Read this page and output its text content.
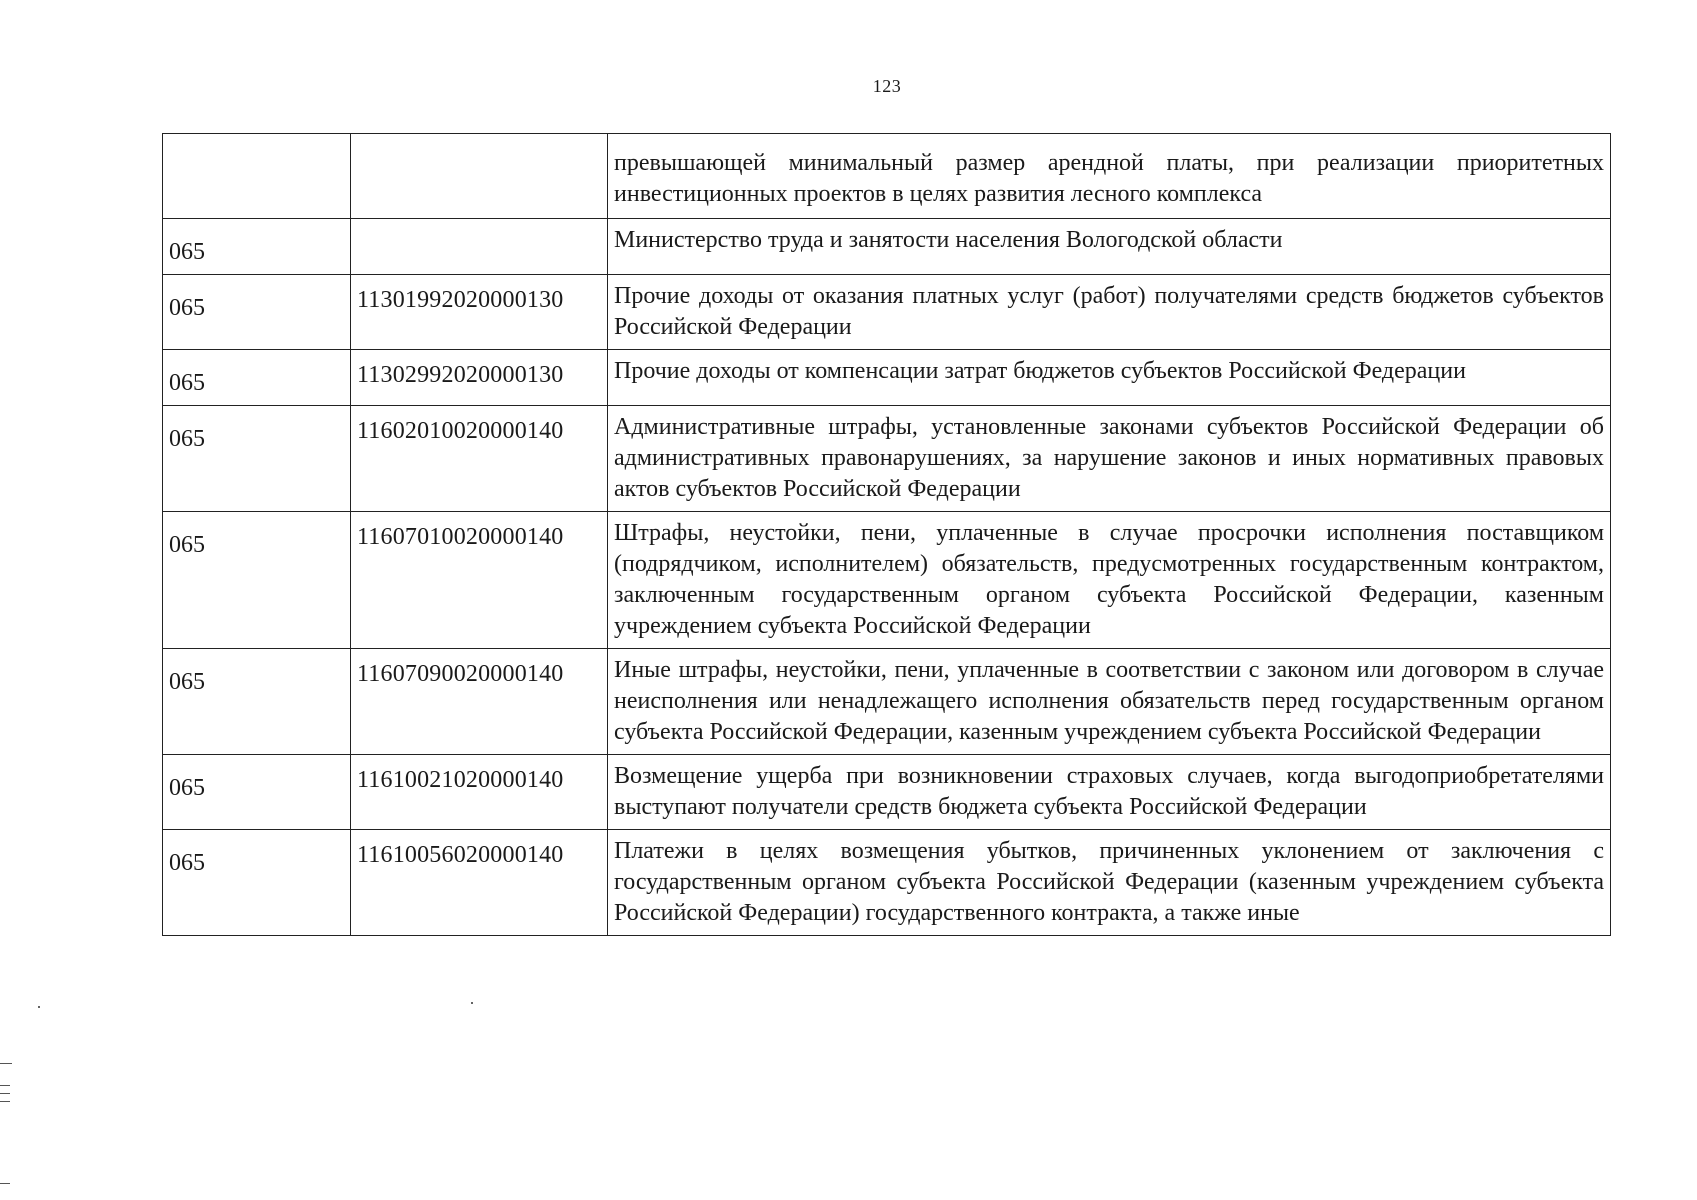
123
		превышающей минимальный размер арендной платы, при реализации приоритетных инвестиционных проектов в целях развития лесного комплекса
065		Министерство труда и занятости населения Вологодской области
065	11301992020000130	Прочие доходы от оказания платных услуг (работ) получателями средств бюджетов субъектов Российской Федерации
065	11302992020000130	Прочие доходы от компенсации затрат бюджетов субъектов Российской Федерации
065	11602010020000140	Административные штрафы, установленные законами субъектов Российской Федерации об административных правонарушениях, за нарушение законов и иных нормативных правовых актов субъектов Российской Федерации
065	11607010020000140	Штрафы, неустойки, пени, уплаченные в случае просрочки исполнения поставщиком (подрядчиком, исполнителем) обязательств, предусмотренных государственным контрактом, заключенным государственным органом субъекта Российской Федерации, казенным учреждением субъекта Российской Федерации
065	11607090020000140	Иные штрафы, неустойки, пени, уплаченные в соответствии с законом или договором в случае неисполнения или ненадлежащего исполнения обязательств перед государственным органом субъекта Российской Федерации, казенным учреждением субъекта Российской Федерации
065	11610021020000140	Возмещение ущерба при возникновении страховых случаев, когда выгодоприобретателями выступают получатели средств бюджета субъекта Российской Федерации
065	11610056020000140	Платежи в целях возмещения убытков, причиненных уклонением от заключения с государственным органом субъекта Российской Федерации (казенным учреждением субъекта Российской Федерации) государственного контракта, а также иные
